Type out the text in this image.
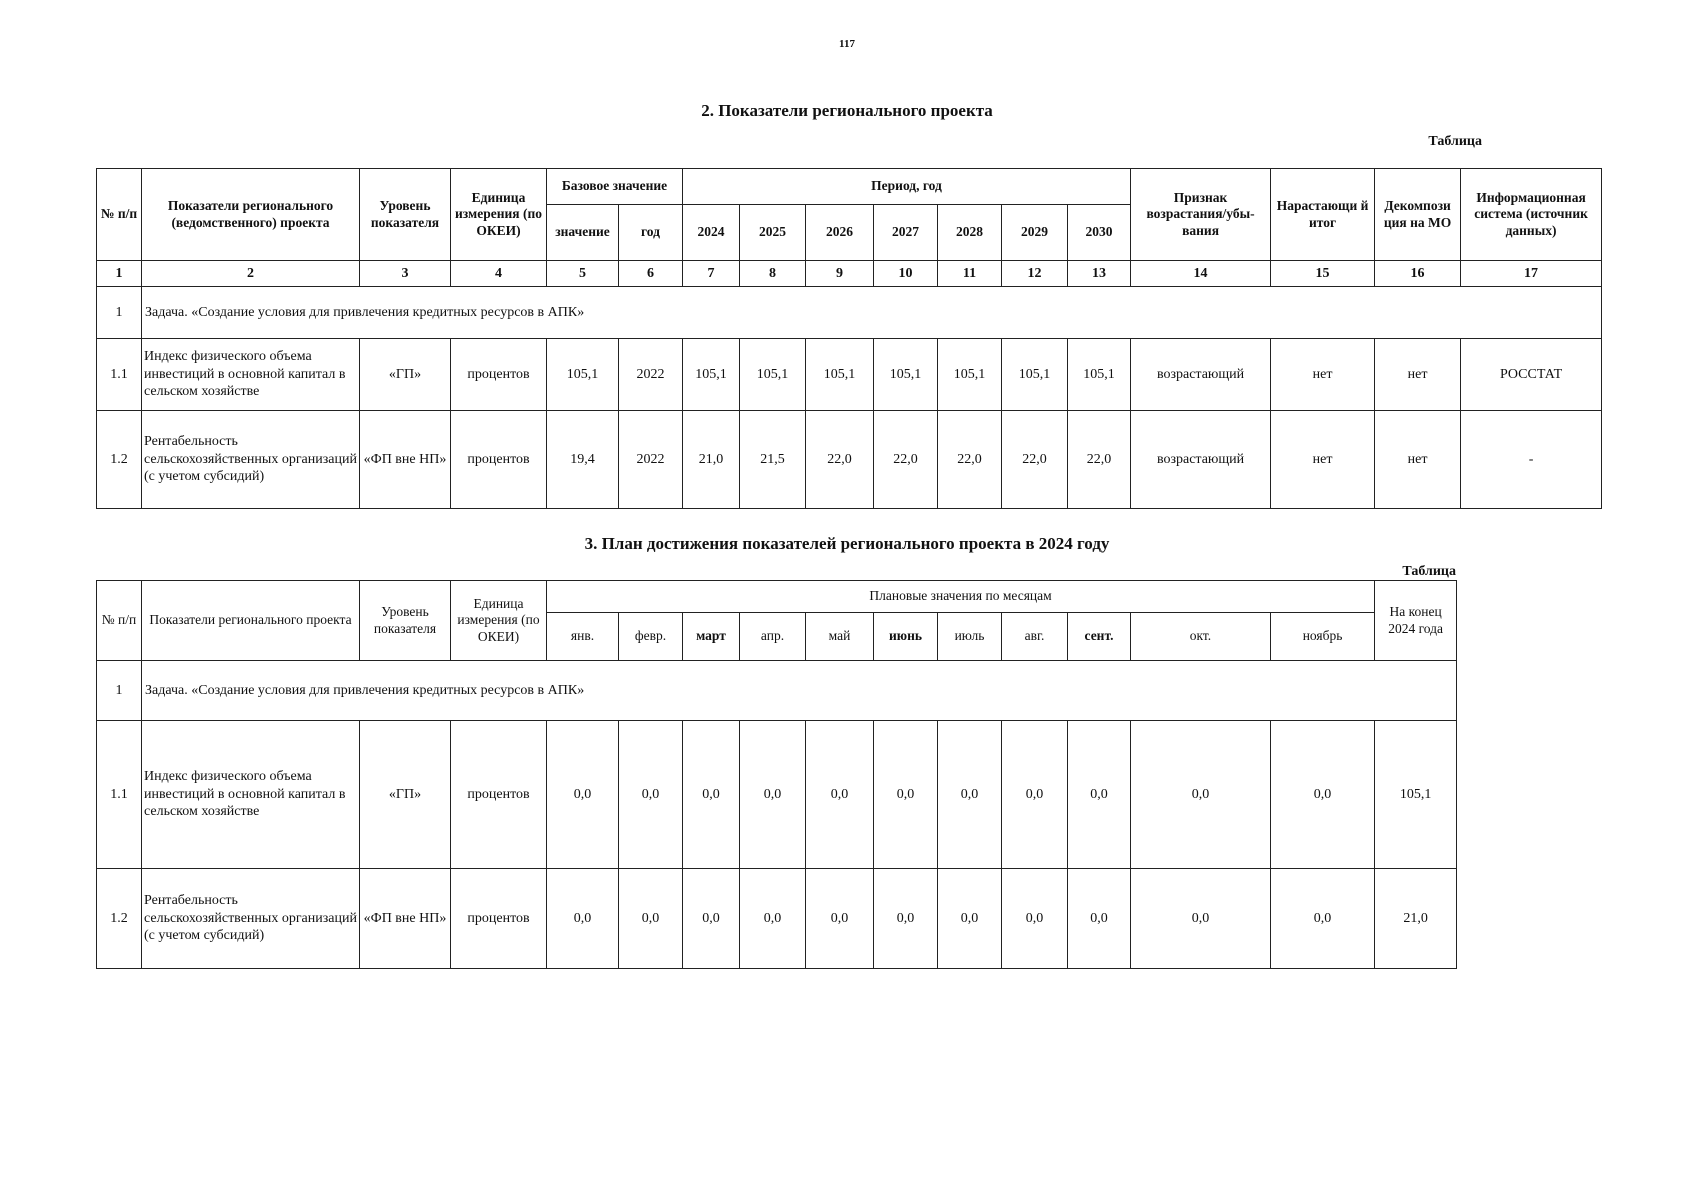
117
2. Показатели регионального проекта
Таблица
№ п/п	Показатели регионального (ведомственного) проекта	Уровень показателя	Единица измерения (по ОКЕИ)	Базовое значение		Период, год							Признак возрастания/убы-вания	Нарастающи й итог	Декомпози ция на МО	Информационная система (источник данных)
				значение	год	2024	2025	2026	2027	2028	2029	2030				
1	2	3	4	5	6	7	8	9	10	11	12	13	14	15	16	17
1	Задача. «Создание условия для привлечения кредитных ресурсов в АПК»															
1.1	Индекс физического объема инвестиций в основной капитал в сельском хозяйстве	«ГП»	процентов	105,1	2022	105,1	105,1	105,1	105,1	105,1	105,1	105,1	возрастающий	нет	нет	РОССТАТ
1.2	Рентабельность сельскохозяйственных организаций (с учетом субсидий)	«ФП вне НП»	процентов	19,4	2022	21,0	21,5	22,0	22,0	22,0	22,0	22,0	возрастающий	нет	нет	-
3. План достижения показателей регионального проекта в 2024 году
Таблица
№ п/п	Показатели регионального проекта	Уровень показателя	Единица измерения (по ОКЕИ)	Плановые значения по месяцам											На конец 2024 года
				янв.	февр.	март	апр.	май	июнь	июль	авг.	сент.	окт.	ноябрь	
1	Задача. «Создание условия для привлечения кредитных ресурсов в АПК»														
1.1	Индекс физического объема инвестиций в основной капитал в сельском хозяйстве	«ГП»	процентов	0,0	0,0	0,0	0,0	0,0	0,0	0,0	0,0	0,0	0,0	0,0	105,1
1.2	Рентабельность сельскохозяйственных организаций (с учетом субсидий)	«ФП вне НП»	процентов	0,0	0,0	0,0	0,0	0,0	0,0	0,0	0,0	0,0	0,0	0,0	21,0
